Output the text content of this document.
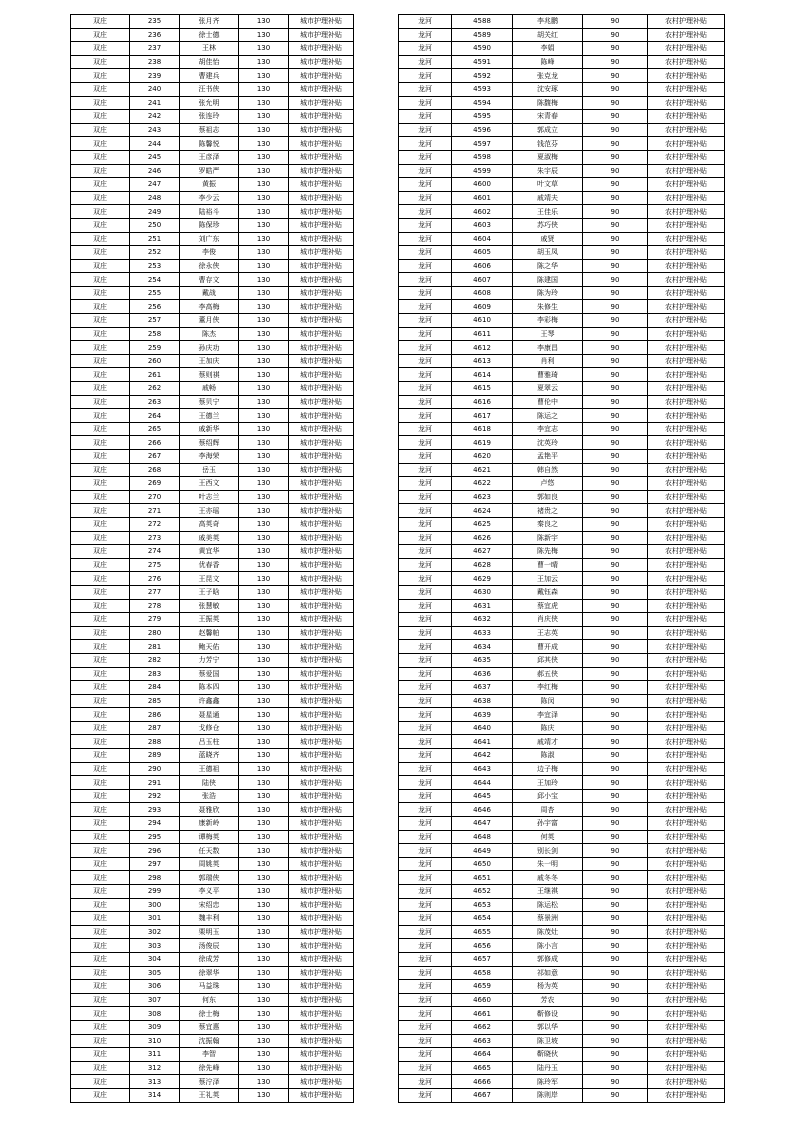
双庄	235	张月齐	130	城市护理补贴
双庄	236	徐士德	130	城市护理补贴
双庄	237	王林	130	城市护理补贴
双庄	238	胡佳怡	130	城市护理补贴
双庄	239	曹建兵	130	城市护理补贴
双庄	240	汪书侠	130	城市护理补贴
双庄	241	张允明	130	城市护理补贴
双庄	242	张连玲	130	城市护理补贴
双庄	243	蔡祖志	130	城市护理补贴
双庄	244	陈馨悦	130	城市护理补贴
双庄	245	王彦泽	130	城市护理补贴
双庄	246	罗皓严	130	城市护理补贴
双庄	247	黄振	130	城市护理补贴
双庄	248	李少云	130	城市护理补贴
双庄	249	陆裕斗	130	城市护理补贴
双庄	250	陈保珍	130	城市护理补贴
双庄	251	刘广东	130	城市护理补贴
双庄	252	李俊	130	城市护理补贴
双庄	253	徐永侠	130	城市护理补贴
双庄	254	曹存文	130	城市护理补贴
双庄	255	戴战	130	城市护理补贴
双庄	256	李高梅	130	城市护理补贴
双庄	257	董月侠	130	城市护理补贴
双庄	258	陈杰	130	城市护理补贴
双庄	259	孙庆功	130	城市护理补贴
双庄	260	王加庆	130	城市护理补贴
双庄	261	蔡则祺	130	城市护理补贴
双庄	262	戚畅	130	城市护理补贴
双庄	263	蔡贝宁	130	城市护理补贴
双庄	264	王德兰	130	城市护理补贴
双庄	265	戚新华	130	城市护理补贴
双庄	266	蔡绍辉	130	城市护理补贴
双庄	267	李海荣	130	城市护理补贴
双庄	268	岳玉	130	城市护理补贴
双庄	269	王西文	130	城市护理补贴
双庄	270	叶志兰	130	城市护理补贴
双庄	271	王亦瑶	130	城市护理补贴
双庄	272	高英奇	130	城市护理补贴
双庄	273	戚美英	130	城市护理补贴
双庄	274	黄宜华	130	城市护理补贴
双庄	275	优春香	130	城市护理补贴
双庄	276	王昆文	130	城市护理补贴
双庄	277	王子晗	130	城市护理补贴
双庄	278	张慧敏	130	城市护理补贴
双庄	279	王振英	130	城市护理补贴
双庄	280	赵馨帕	130	城市护理补贴
双庄	281	鲍天佑	130	城市护理补贴
双庄	282	力芳宁	130	城市护理补贴
双庄	283	蔡爱国	130	城市护理补贴
双庄	284	陈本四	130	城市护理补贴
双庄	285	许鑫鑫	130	城市护理补贴
双庄	286	聂星通	130	城市护理补贴
双庄	287	戈修仓	130	城市护理补贴
双庄	288	吕玉柱	130	城市护理补贴
双庄	289	蓝晓齐	130	城市护理补贴
双庄	290	王德祖	130	城市护理补贴
双庄	291	陆侠	130	城市护理补贴
双庄	292	张浩	130	城市护理补贴
双庄	293	聂雅欣	130	城市护理补贴
双庄	294	康新岭	130	城市护理补贴
双庄	295	谭梅英	130	城市护理补贴
双庄	296	任天数	130	城市护理补贴
双庄	297	周姚英	130	城市护理补贴
双庄	298	郭瑞侠	130	城市护理补贴
双庄	299	李义平	130	城市护理补贴
双庄	300	宋绍忠	130	城市护理补贴
双庄	301	魏丰利	130	城市护理补贴
双庄	302	栗明玉	130	城市护理补贴
双庄	303	汤俊辰	130	城市护理补贴
双庄	304	徐成芳	130	城市护理补贴
双庄	305	徐翠华	130	城市护理补贴
双庄	306	马益珠	130	城市护理补贴
双庄	307	何东	130	城市护理补贴
双庄	308	徐士梅	130	城市护理补贴
双庄	309	蔡宜惠	130	城市护理补贴
双庄	310	沈振翰	130	城市护理补贴
双庄	311	李智	130	城市护理补贴
双庄	312	徐先峰	130	城市护理补贴
双庄	313	蔡泞泽	130	城市护理补贴
双庄	314	王礼英	130	城市护理补贴
龙河	4588	李兆鹏	90	农村护理补贴
龙河	4589	胡关红	90	农村护理补贴
龙河	4590	李娟	90	农村护理补贴
龙河	4591	陈峰	90	农村护理补贴
龙河	4592	张克龙	90	农村护理补贴
龙河	4593	沈安琢	90	农村护理补贴
龙河	4594	陈馥梅	90	农村护理补贴
龙河	4595	宋青春	90	农村护理补贴
龙河	4596	郭成立	90	农村护理补贴
龙河	4597	钱范芬	90	农村护理补贴
龙河	4598	夏淑梅	90	农村护理补贴
龙河	4599	朱宇辰	90	农村护理补贴
龙河	4600	叶文草	90	农村护理补贴
龙河	4601	戚靖夫	90	农村护理补贴
龙河	4602	王佳乐	90	农村护理补贴
龙河	4603	苏巧侠	90	农村护理补贴
龙河	4604	戚贤	90	农村护理补贴
龙河	4605	胡玉凤	90	农村护理补贴
龙河	4606	陈之华	90	农村护理补贴
龙河	4607	陈建国	90	农村护理补贴
龙河	4608	陈为玲	90	农村护理补贴
龙河	4609	朱修生	90	农村护理补贴
龙河	4610	李彩梅	90	农村护理补贴
龙河	4611	王琴	90	农村护理补贴
龙河	4612	李康昌	90	农村护理补贴
龙河	4613	肖利	90	农村护理补贴
龙河	4614	曹雅琦	90	农村护理补贴
龙河	4615	夏翠云	90	农村护理补贴
龙河	4616	曹伦中	90	农村护理补贴
龙河	4617	陈运之	90	农村护理补贴
龙河	4618	李宜志	90	农村护理补贴
龙河	4619	沈英玲	90	农村护理补贴
龙河	4620	孟艳平	90	农村护理补贴
龙河	4621	韩自然	90	农村护理补贴
龙河	4622	卢悠	90	农村护理补贴
龙河	4623	郭如良	90	农村护理补贴
龙河	4624	褚贵之	90	农村护理补贴
龙河	4625	秦良之	90	农村护理补贴
龙河	4626	陈新宇	90	农村护理补贴
龙河	4627	陈先梅	90	农村护理补贴
龙河	4628	曹一晴	90	农村护理补贴
龙河	4629	王加云	90	农村护理补贴
龙河	4630	戴钰森	90	农村护理补贴
龙河	4631	蔡宜虎	90	农村护理补贴
龙河	4632	肖庆侠	90	农村护理补贴
龙河	4633	王志英	90	农村护理补贴
龙河	4634	曹开成	90	农村护理补贴
龙河	4635	邱其侠	90	农村护理补贴
龙河	4636	郝五侠	90	农村护理补贴
龙河	4637	李红梅	90	农村护理补贴
龙河	4638	陈闵	90	农村护理补贴
龙河	4639	李宜泽	90	农村护理补贴
龙河	4640	陈庆	90	农村护理补贴
龙河	4641	戚靖才	90	农村护理补贴
龙河	4642	陈淑	90	农村护理补贴
龙河	4643	边子梅	90	农村护理补贴
龙河	4644	王加玲	90	农村护理补贴
龙河	4645	邱小宝	90	农村护理补贴
龙河	4646	周杏	90	农村护理补贴
龙河	4647	孙宇富	90	农村护理补贴
龙河	4648	何英	90	农村护理补贴
龙河	4649	别长剑	90	农村护理补贴
龙河	4650	朱一明	90	农村护理补贴
龙河	4651	戚冬冬	90	农村护理补贴
龙河	4652	王继祺	90	农村护理补贴
龙河	4653	陈运松	90	农村护理补贴
龙河	4654	蔡景洲	90	农村护理补贴
龙河	4655	陈茂灶	90	农村护理补贴
龙河	4656	陈小言	90	农村护理补贴
龙河	4657	郭修成	90	农村护理补贴
龙河	4658	祁如意	90	农村护理补贴
龙河	4659	杨为英	90	农村护理补贴
龙河	4660	芳农	90	农村护理补贴
龙河	4661	靳修设	90	农村护理补贴
龙河	4662	郭以华	90	农村护理补贴
龙河	4663	陈卫坡	90	农村护理补贴
龙河	4664	靳晓伙	90	农村护理补贴
龙河	4665	陆丹玉	90	农村护理补贴
龙河	4666	陈玲军	90	农村护理补贴
龙河	4667	陈则岸	90	农村护理补贴
